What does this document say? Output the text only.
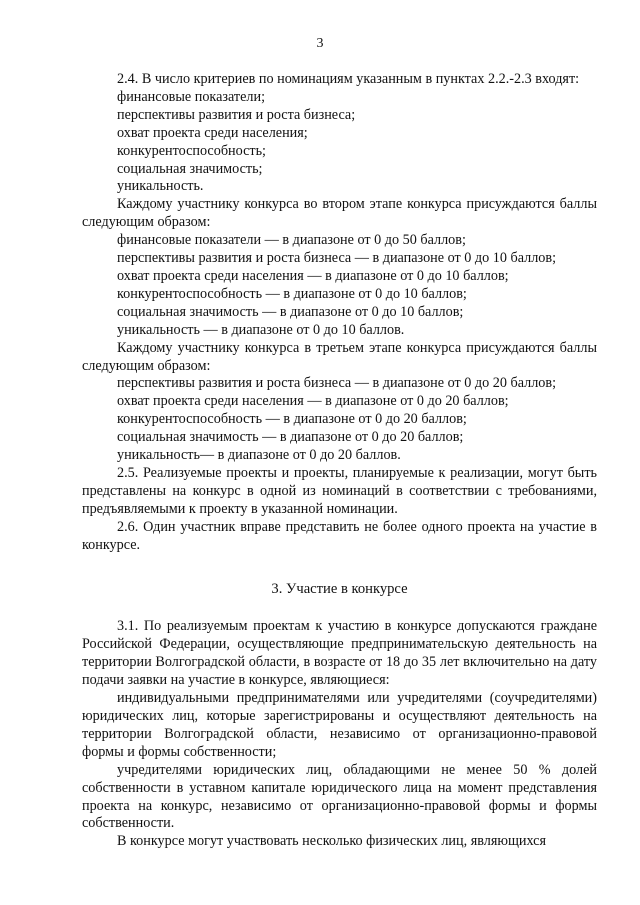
3

2.4. В число критериев по номинациям указанным в пунктах 2.2.-2.3 входят:

финансовые показатели;

перспективы развития и роста бизнеса;

охват проекта среди населения;

конкурентоспособность;

социальная значимость;

уникальность.

Каждому участнику конкурса во втором этапе конкурса присуждаются баллы следующим образом:

финансовые показатели — в диапазоне от 0 до 50 баллов;

перспективы развития и роста бизнеса — в диапазоне от 0 до 10 баллов;

охват проекта среди населения — в диапазоне от 0 до 10 баллов;

конкурентоспособность — в диапазоне от 0 до 10 баллов;

социальная значимость — в диапазоне от 0 до 10 баллов;

уникальность — в диапазоне от 0 до 10 баллов.

Каждому участнику конкурса в третьем этапе конкурса присуждаются баллы следующим образом:

перспективы развития и роста бизнеса — в диапазоне от 0 до 20 баллов;

охват проекта среди населения — в диапазоне от 0 до 20 баллов;

конкурентоспособность — в диапазоне от 0 до 20 баллов;

социальная значимость — в диапазоне от 0 до 20 баллов;

уникальность— в диапазоне от 0 до 20 баллов.

2.5. Реализуемые проекты и проекты, планируемые к реализации, могут быть представлены на конкурс в одной из номинаций в соответствии с требованиями, предъявляемыми к проекту в указанной номинации.

2.6. Один участник вправе представить не более одного проекта на участие в конкурсе.

3. Участие в конкурсе

3.1. По реализуемым проектам к участию в конкурсе допускаются граждане Российской Федерации, осуществляющие предпринимательскую деятельность на территории Волгоградской области, в возрасте от 18 до 35 лет включительно на дату подачи заявки на участие в конкурсе, являющиеся:

индивидуальными предпринимателями или учредителями (соучредителями) юридических лиц, которые зарегистрированы и осуществляют деятельность на территории Волгоградской области, независимо от организационно-правовой формы и формы собственности;

учредителями юридических лиц, обладающими не менее 50 % долей собственности в уставном капитале юридического лица на момент представления проекта на конкурс, независимо от организационно-правовой формы и формы собственности.

В конкурсе могут участвовать несколько физических лиц, являющихся
